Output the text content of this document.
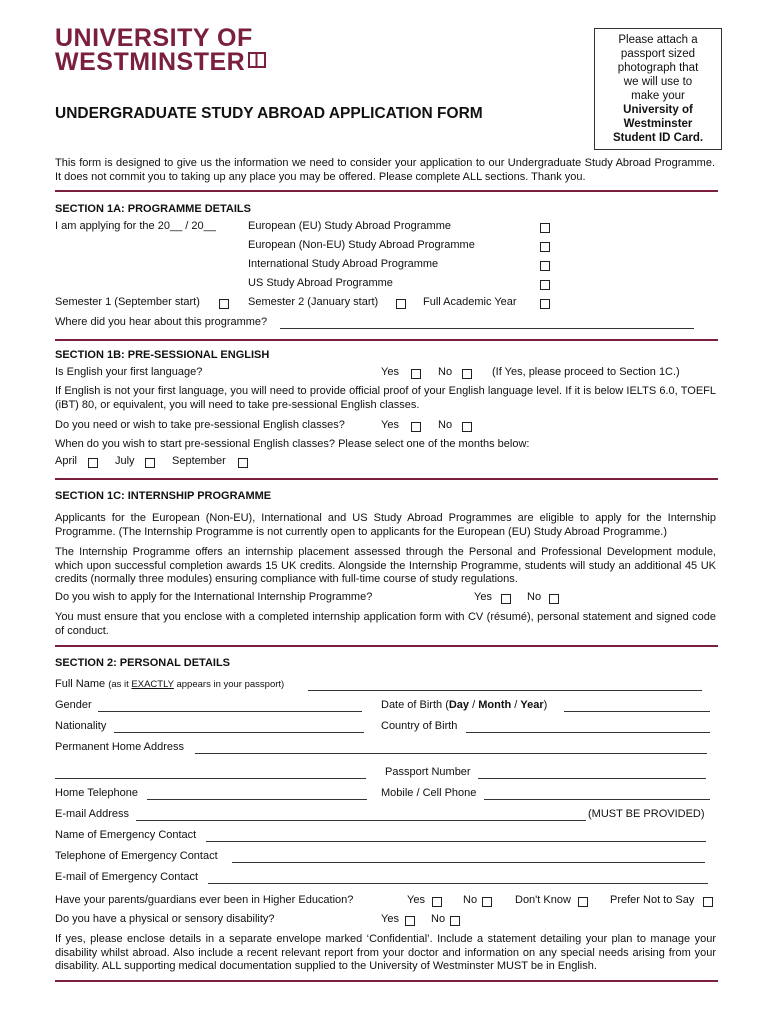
UNIVERSITY OF
WESTMINSTER
UNDERGRADUATE STUDY ABROAD APPLICATION FORM
Please attach a
passport sized
photograph that
we will use to
make your
University of
Westminster
Student ID Card.
This form is designed to give us the information we need to consider your application to our Undergraduate Study Abroad Programme. It does not commit you to taking up any place you may be offered. Please complete ALL sections. Thank you.
SECTION 1A: PROGRAMME DETAILS
I am applying for the 20__ / 20__	European (EU) Study Abroad Programme
European (Non-EU) Study Abroad Programme
International Study Abroad Programme
US Study Abroad Programme
Semester 1 (September start)	Semester 2 (January start)	Full Academic Year
Where did you hear about this programme?
SECTION 1B: PRE-SESSIONAL ENGLISH
Is English your first language?	Yes	No	(If Yes, please proceed to Section 1C.)
If English is not your first language, you will need to provide official proof of your English language level. If it is below IELTS 6.0, TOEFL (iBT) 80, or equivalent, you will need to take pre-sessional English classes.
Do you need or wish to take pre-sessional English classes?	Yes	No
When do you wish to start pre-sessional English classes? Please select one of the months below:
April	July	September
SECTION 1C: INTERNSHIP PROGRAMME
Applicants for the European (Non-EU), International and US Study Abroad Programmes are eligible to apply for the Internship Programme. (The Internship Programme is not currently open to applicants for the European (EU) Study Abroad Programme.)
The Internship Programme offers an internship placement assessed through the Personal and Professional Development module, which upon successful completion awards 15 UK credits. Alongside the Internship Programme, students will study an additional 45 UK credits (normally three modules) ensuring compliance with full-time course of study regulations.
Do you wish to apply for the International Internship Programme?	Yes	No
You must ensure that you enclose with a completed internship application form with CV (résumé), personal statement and signed code of conduct.
SECTION 2: PERSONAL DETAILS
Full Name (as it EXACTLY appears in your passport)
Gender	Date of Birth (Day / Month / Year)
Nationality	Country of Birth
Permanent Home Address
Passport Number
Home Telephone	Mobile / Cell Phone
E-mail Address	(MUST BE PROVIDED)
Name of Emergency Contact
Telephone of Emergency Contact
E-mail of Emergency Contact
Have your parents/guardians ever been in Higher Education?	Yes	No	Don't Know	Prefer Not to Say
Do you have a physical or sensory disability?	Yes	No
If yes, please enclose details in a separate envelope marked ‘Confidential’. Include a statement detailing your plan to manage your disability whilst abroad. Also include a recent relevant report from your doctor and information on any special needs arising from your disability. ALL supporting medical documentation supplied to the University of Westminster MUST be in English.
